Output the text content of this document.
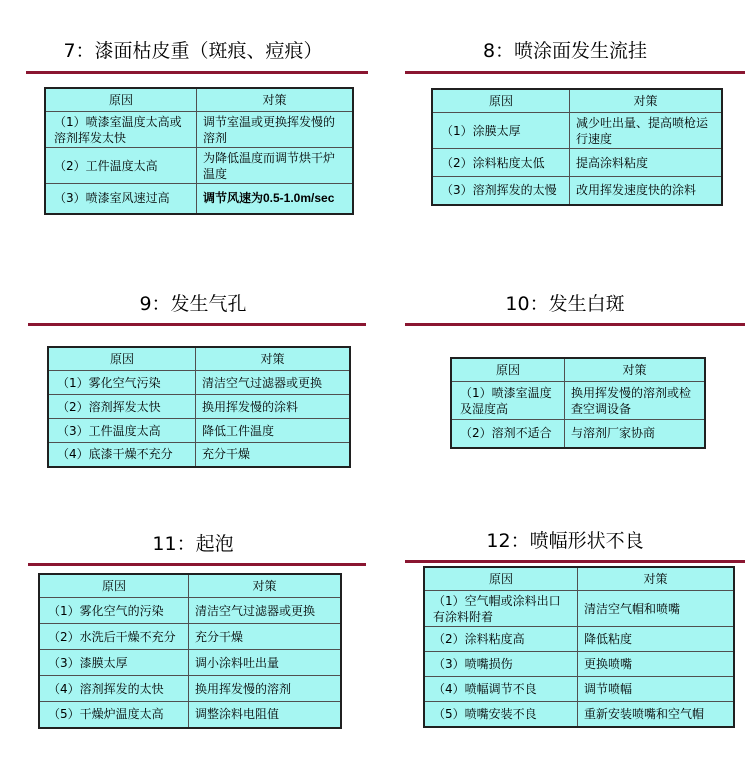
7：漆面枯皮重（斑痕、痘痕）
原因	对策
（1）喷漆室温度太高或溶剂挥发太快	调节室温或更换挥发慢的溶剂
（2）工件温度太高	为降低温度而调节烘干炉温度
（3）喷漆室风速过高	调节风速为0.5-1.0m/sec
8：喷涂面发生流挂
原因	对策
（1）涂膜太厚	减少吐出量、提高喷枪运行速度
（2）涂料粘度太低	提高涂料粘度
（3）溶剂挥发的太慢	改用挥发速度快的涂料
9：发生气孔
原因	对策
（1）雾化空气污染	清洁空气过滤器或更换
（2）溶剂挥发太快	换用挥发慢的涂料
（3）工件温度太高	降低工件温度
（4）底漆干燥不充分	充分干燥
10：发生白斑
原因	对策
（1）喷漆室温度及湿度高	换用挥发慢的溶剂或检查空调设备
（2）溶剂不适合	与溶剂厂家协商
11：起泡
原因	对策
（1）雾化空气的污染	清洁空气过滤器或更换
（2）水洗后干燥不充分	充分干燥
（3）漆膜太厚	调小涂料吐出量
（4）溶剂挥发的太快	换用挥发慢的溶剂
（5）干燥炉温度太高	调整涂料电阻值
12：喷幅形状不良
原因	对策
（1）空气帽或涂料出口有涂料附着	清洁空气帽和喷嘴
（2）涂料粘度高	降低粘度
（3）喷嘴损伤	更换喷嘴
（4）喷幅调节不良	调节喷幅
（5）喷嘴安装不良	重新安装喷嘴和空气帽
